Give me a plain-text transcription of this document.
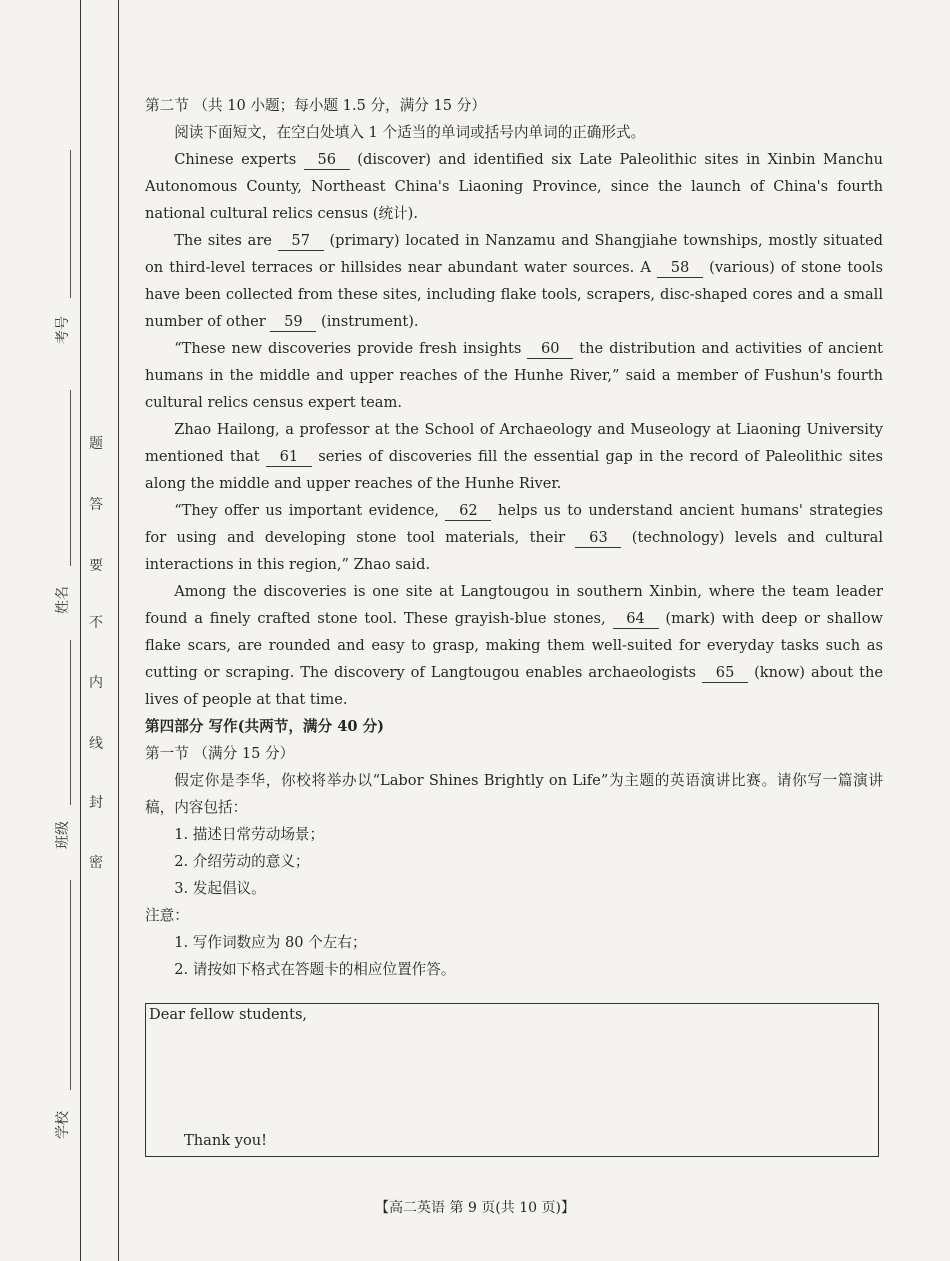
考号
姓名
班级
学校
题
答
要
不
内
线
封
密

第二节 （共 10 小题；每小题 1.5 分，满分 15 分）

阅读下面短文，在空白处填入 1 个适当的单词或括号内单词的正确形式。

Chinese experts 56 (discover) and identified six Late Paleolithic sites in Xinbin Manchu Autonomous County, Northeast China's Liaoning Province, since the launch of China's fourth national cultural relics census (统计).

The sites are 57 (primary) located in Nanzamu and Shangjiahe townships, mostly situated on third-level terraces or hillsides near abundant water sources. A 58 (various) of stone tools have been collected from these sites, including flake tools, scrapers, disc-shaped cores and a small number of other 59 (instrument).

“These new discoveries provide fresh insights 60 the distribution and activities of ancient humans in the middle and upper reaches of the Hunhe River,” said a member of Fushun's fourth cultural relics census expert team.

Zhao Hailong, a professor at the School of Archaeology and Museology at Liaoning University mentioned that 61 series of discoveries fill the essential gap in the record of Paleolithic sites along the middle and upper reaches of the Hunhe River.

“They offer us important evidence, 62 helps us to understand ancient humans' strategies for using and developing stone tool materials, their 63 (technology) levels and cultural interactions in this region,” Zhao said.

Among the discoveries is one site at Langtougou in southern Xinbin, where the team leader found a finely crafted stone tool. These grayish-blue stones, 64 (mark) with deep or shallow flake scars, are rounded and easy to grasp, making them well-suited for everyday tasks such as cutting or scraping. The discovery of Langtougou enables archaeologists 65 (know) about the lives of people at that time.

第四部分 写作(共两节，满分 40 分)

第一节 （满分 15 分）

假定你是李华，你校将举办以“Labor Shines Brightly on Life”为主题的英语演讲比赛。请你写一篇演讲稿，内容包括：

1. 描述日常劳动场景；

2. 介绍劳动的意义；

3. 发起倡议。

注意：

1. 写作词数应为 80 个左右；

2. 请按如下格式在答题卡的相应位置作答。

Dear fellow students,
Thank you!
【高二英语 第 9 页(共 10 页)】
